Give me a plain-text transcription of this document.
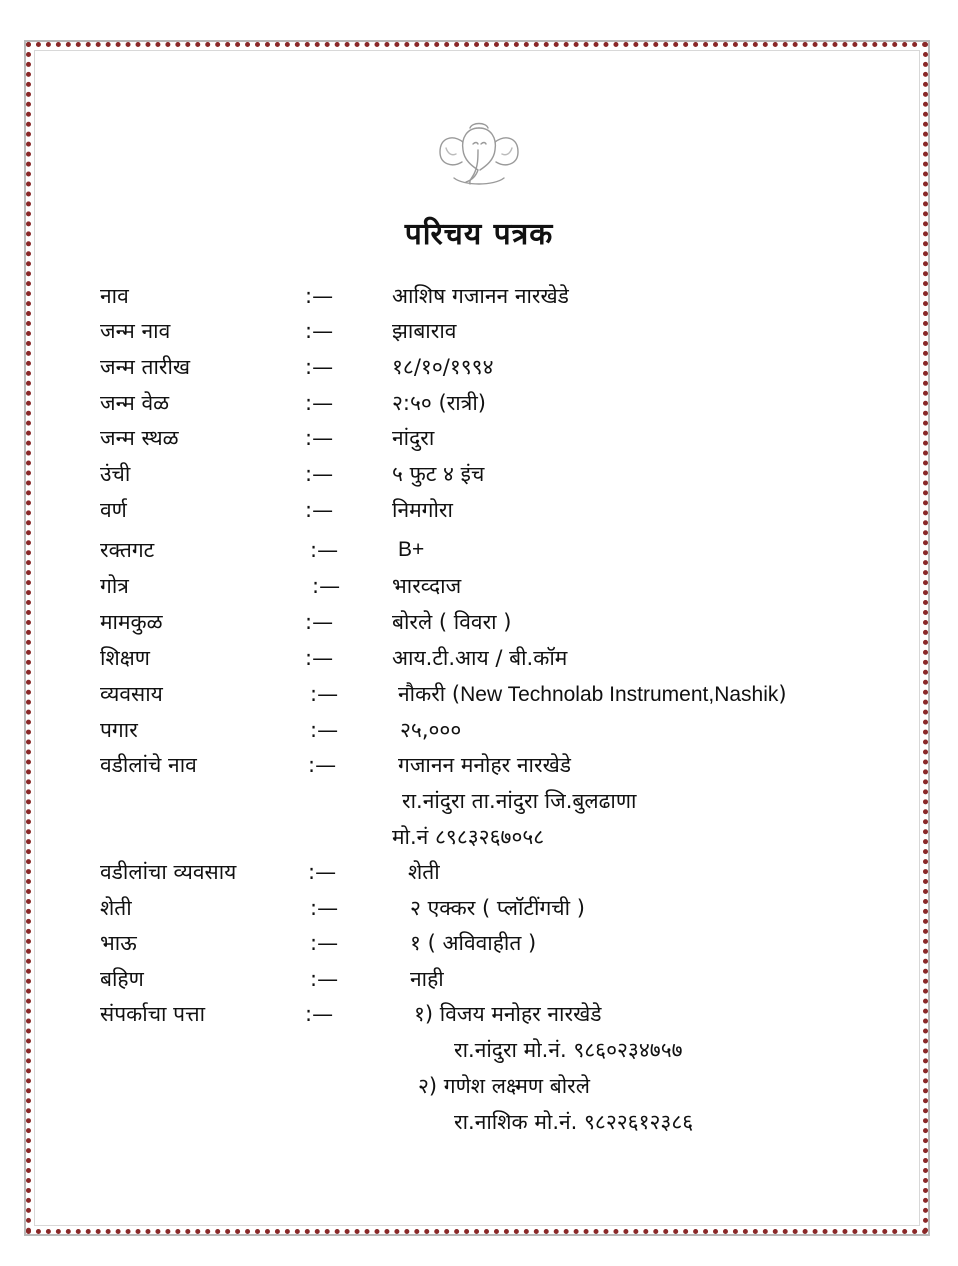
परिचय पत्रक
नाव	:—	आशिष गजानन नारखेडे
जन्म नाव	:—	झाबाराव
जन्म तारीख	:—	१८/१०/१९९४
जन्म वेळ	:—	२:५० (रात्री)
जन्म स्थळ	:—	नांदुरा
उंची	:—	५ फुट ४ इंच
वर्ण	:—	निमगोरा
रक्तगट	:—	B+
गोत्र	:— भारव्दाज
मामकुळ	:—	बोरले ( विवरा )
शिक्षण	:—	आय.टी.आय / बी.कॉम
व्यवसाय	:—	नौकरी (New Technolab Instrument,Nashik)
पगार	:—	२५,०००
वडीलांचे नाव	:—	गजानन मनोहर नारखेडे
रा.नांदुरा ता.नांदुरा जि.बुलढाणा
मो.नं ८९८३२६७०५८
वडीलांचा व्यवसाय	:—	शेती
शेती	:—	२ एक्कर ( प्लॉटींगची )
भाऊ	:—	१ ( अविवाहीत )
बहिण	:—	नाही
संपर्काचा पत्ता	:—	१) विजय मनोहर नारखेडे
रा.नांदुरा मो.नं. ९८६०२३४७५७
२) गणेश लक्ष्मण बोरले
रा.नाशिक मो.नं. ९८२२६१२३८६
